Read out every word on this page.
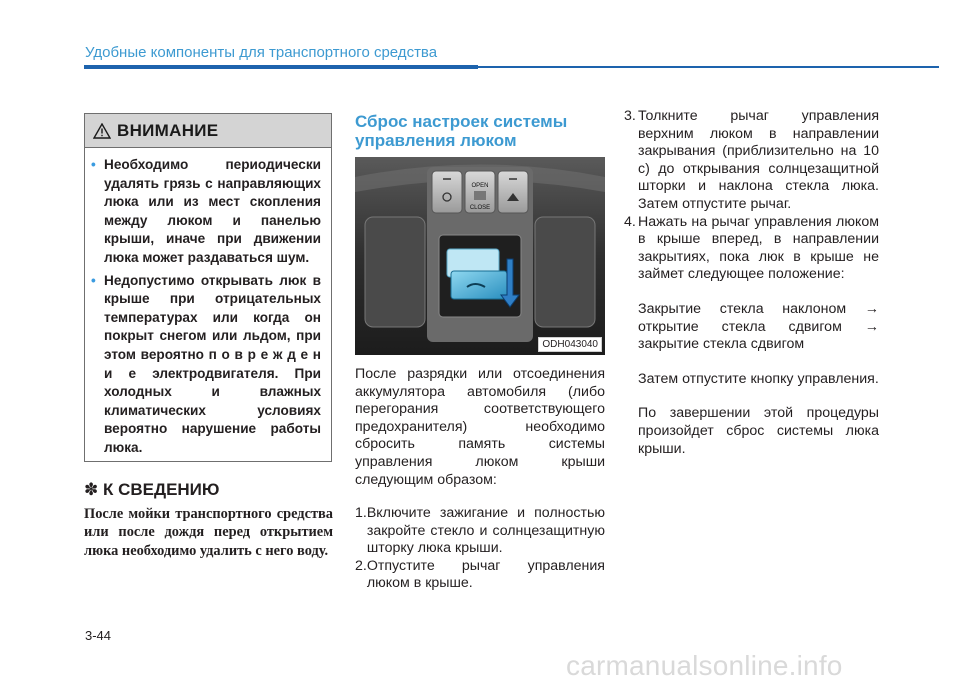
Удобные компоненты для транспортного средства
ВНИМАНИЕ
• Необходимо периодически удалять грязь с направляющих люка или из мест скопления между люком и панелью крыши, иначе при движении люка может раздаваться шум.
• Недопустимо открывать люк в крыше при отрицательных температурах или когда он покрыт снегом или льдом, при этом вероятно п о в р е ж д е н и е электродвигателя. При холодных и влажных климатических условиях вероятно нарушение работы люка.
✽ К СВЕДЕНИЮ
После мойки транспортного средства или после дождя перед открытием люка необходимо удалить с него воду.
Сброс настроек системы управления люком
OPEN
CLOSE
ODH043040
После разрядки или отсоединения аккумулятора автомобиля (либо перегорания соответствующего предохранителя) необходимо сбросить память системы управления люком крыши следующим образом:
1. Включите зажигание и полностью закройте стекло и солнцезащитную шторку люка крыши.
2. Отпустите рычаг управления люком в крыше.
3. Толкните рычаг управления верхним люком в направлении закрывания (приблизительно на 10 с) до открывания солнцезащитной шторки и наклона стекла люка. Затем отпустите рычаг.
4. Нажать на рычаг управления люком в крыше вперед, в направлении закрытиях, пока люк в крыше не займет следующее положение:
Закрытие стекла наклоном → открытие стекла сдвигом → закрытие стекла сдвигом
Затем отпустите кнопку управления.
По завершении этой процедуры произойдет сброс системы люка крыши.
3-44
carmanualsonline.info
